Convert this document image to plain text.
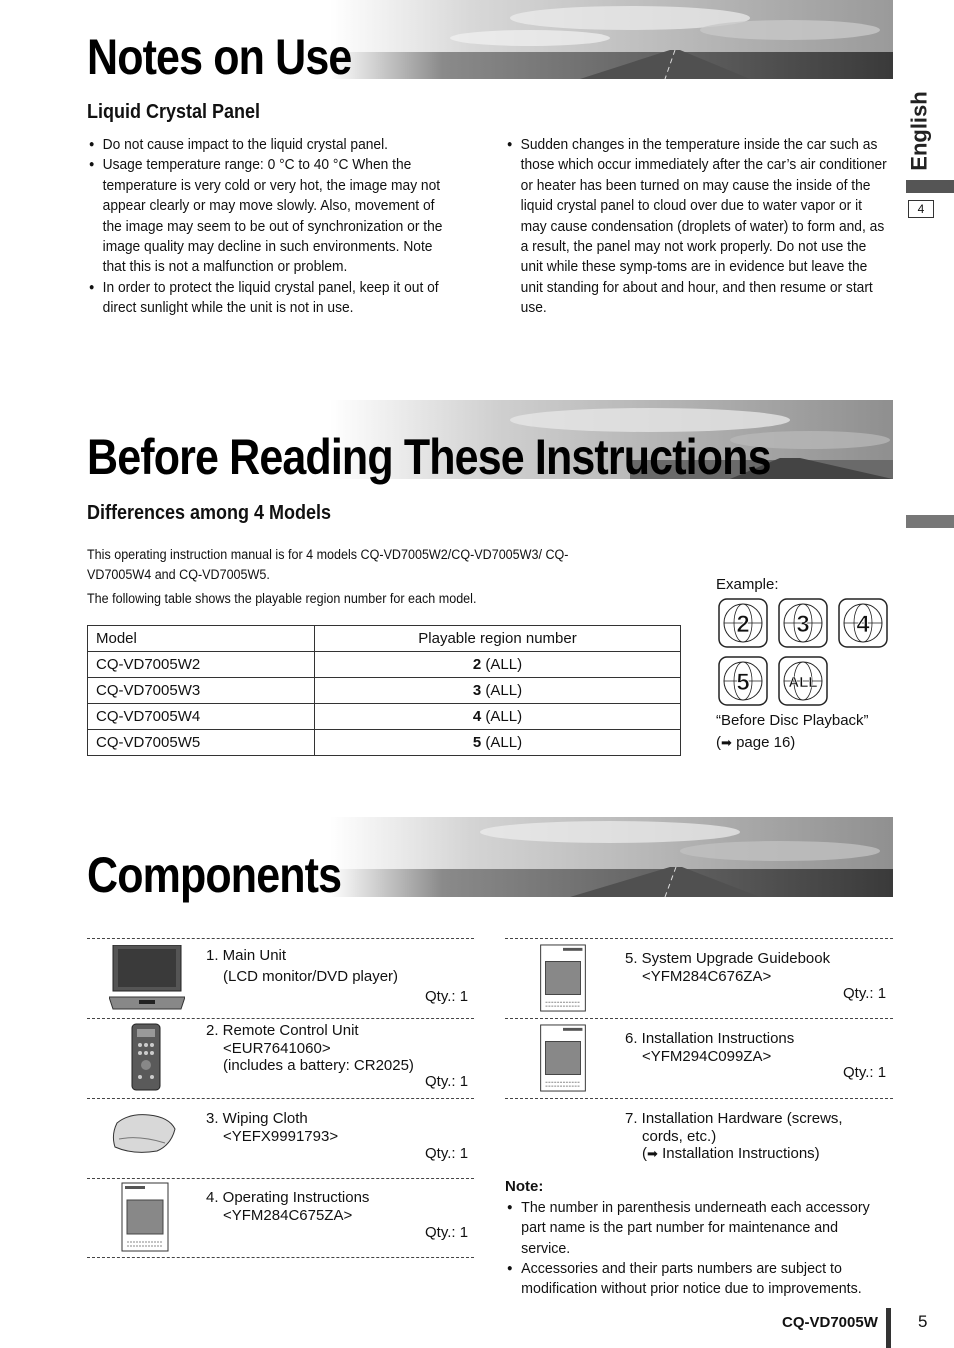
Notes on Use
Liquid Crystal Panel
● Do not cause impact to the liquid crystal panel.
● Usage temperature range: 0 °C to 40 °C When the temperature is very cold or very hot, the image may not appear clearly or may move slowly. Also, movement of the image may seem to be out of synchronization or the image quality may decline in such environments. Note that this is not a malfunction or problem.
● In order to protect the liquid crystal panel, keep it out of direct sunlight while the unit is not in use.
● Sudden changes in the temperature inside the car such as those which occur immediately after the car’s air conditioner or heater has been turned on may cause the inside of the liquid crystal panel to cloud over due to water vapor or it may cause condensation (droplets of water) to form and, as a result, the panel may not work properly. Do not use the unit while these symp-toms are in evidence but leave the unit standing for about and hour, and then resume or start use.
English
4
Before Reading These Instructions
Differences among 4 Models
This operating instruction manual is for 4 models CQ-VD7005W2/CQ-VD7005W3/ CQ-VD7005W4 and CQ-VD7005W5.
The following table shows the playable region number for each model.
Model	Playable region number
CQ-VD7005W2	2 (ALL)
CQ-VD7005W3	3 (ALL)
CQ-VD7005W4	4 (ALL)
CQ-VD7005W5	5 (ALL)
Example:
2 3 4
5	ALL
“Before Disc Playback”
(➡ page 16)
Components
1. Main Unit
(LCD monitor/DVD player)
Qty.: 1
2. Remote Control Unit
<EUR7641060>
(includes a battery: CR2025)
Qty.: 1
3. Wiping Cloth
<YEFX9991793>
Qty.: 1
4. Operating Instructions
<YFM284C675ZA>
Qty.: 1
5. System Upgrade Guidebook
<YFM284C676ZA>
Qty.: 1
6. Installation Instructions
<YFM294C099ZA>
Qty.: 1
7. Installation Hardware (screws,
cords, etc.)
(➡ Installation Instructions)
Note:
● The number in parenthesis underneath each accessory part name is the part number for maintenance and service.
● Accessories and their parts numbers are subject to modification without prior notice due to improvements.
CQ-VD7005W 5
